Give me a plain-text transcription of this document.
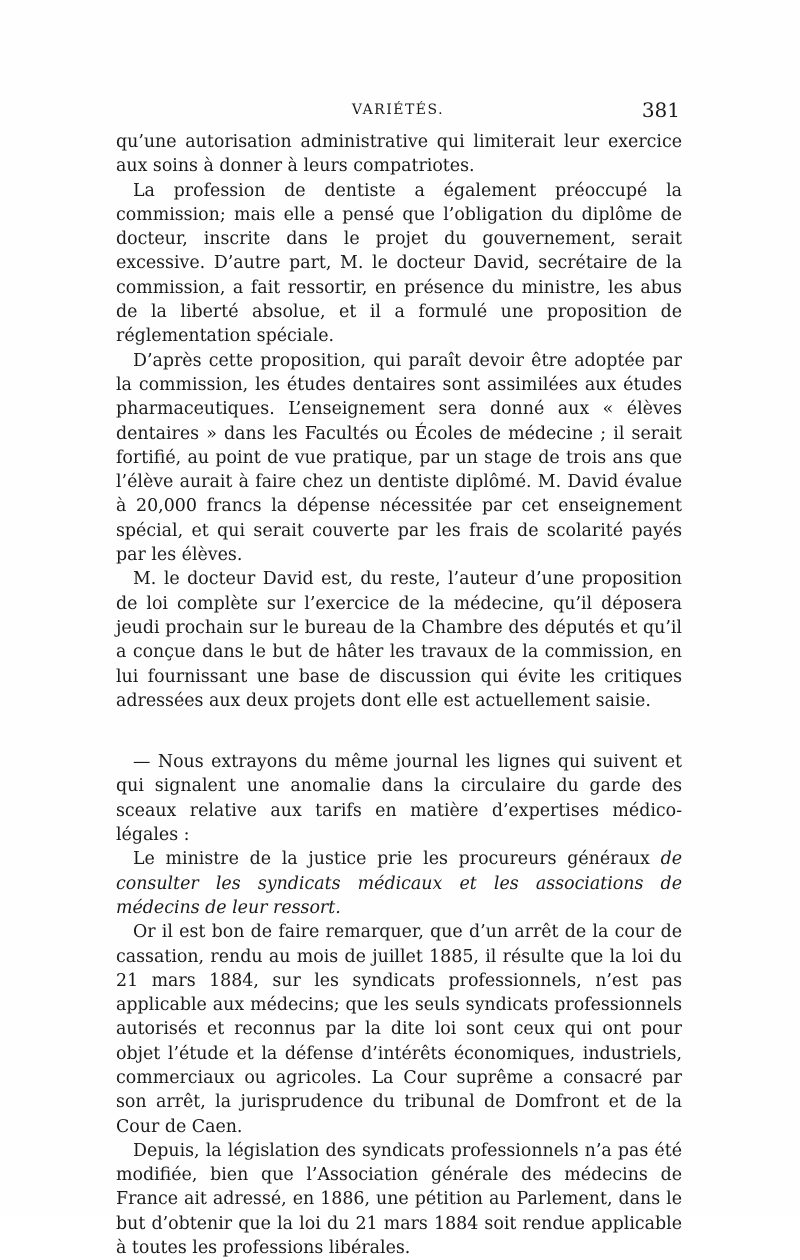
VARIÉTÉS.	381

qu’une autorisation administrative qui limiterait leur exercice aux soins à donner à leurs compatriotes.

La profession de dentiste a également préoccupé la commission; mais elle a pensé que l’obligation du diplôme de docteur, inscrite dans le projet du gouvernement, serait excessive. D’autre part, M. le docteur David, secrétaire de la commission, a fait ressortir, en présence du ministre, les abus de la liberté absolue, et il a formulé une proposition de réglementation spéciale.

D’après cette proposition, qui paraît devoir être adoptée par la commission, les études dentaires sont assimilées aux études pharmaceutiques. L’enseignement sera donné aux « élèves dentaires » dans les Facultés ou Écoles de médecine ; il serait fortifié, au point de vue pratique, par un stage de trois ans que l’élève aurait à faire chez un dentiste diplômé. M. David évalue à 20,000 francs la dépense nécessitée par cet enseignement spécial, et qui serait couverte par les frais de scolarité payés par les élèves.

M. le docteur David est, du reste, l’auteur d’une proposition de loi complète sur l’exercice de la médecine, qu’il déposera jeudi prochain sur le bureau de la Chambre des députés et qu’il a conçue dans le but de hâter les travaux de la commission, en lui fournissant une base de discussion qui évite les critiques adressées aux deux projets dont elle est actuellement saisie.

— Nous extrayons du même journal les lignes qui suivent et qui signalent une anomalie dans la circulaire du garde des sceaux relative aux tarifs en matière d’expertises médico-légales :

Le ministre de la justice prie les procureurs généraux de consulter les syndicats médicaux et les associations de médecins de leur ressort.

Or il est bon de faire remarquer, que d’un arrêt de la cour de cassation, rendu au mois de juillet 1885, il résulte que la loi du 21 mars 1884, sur les syndicats professionnels, n’est pas applicable aux médecins; que les seuls syndicats professionnels autorisés et reconnus par la dite loi sont ceux qui ont pour objet l’étude et la défense d’intérêts économiques, industriels, commerciaux ou agricoles. La Cour suprême a consacré par son arrêt, la jurisprudence du tribunal de Domfront et de la Cour de Caen.

Depuis, la législation des syndicats professionnels n’a pas été modifiée, bien que l’Association générale des médecins de France ait adressé, en 1886, une pétition au Parlement, dans le but d’obtenir que la loi du 21 mars 1884 soit rendue applicable à toutes les professions libérales.
